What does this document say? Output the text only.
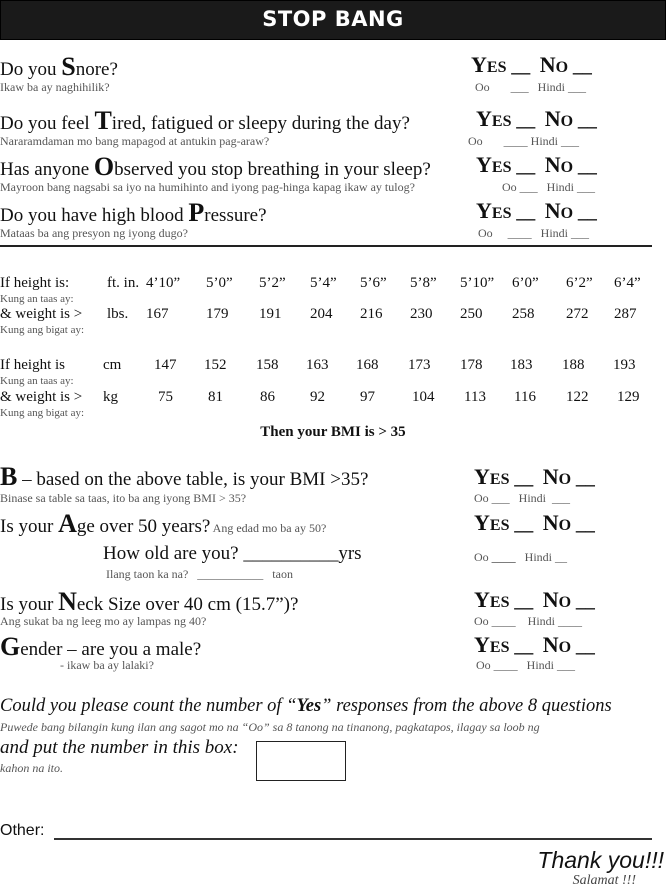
STOP BANG
Do you Snore?
Ikaw ba ay naghihilik?
YES __ NO __
Oo ___ Hindi ___
Do you feel Tired, fatigued or sleepy during the day?
Nararamdaman mo bang mapagod at antukin pag-araw?
YES __ NO __
Oo ____ Hindi ___
Has anyone Observed you stop breathing in your sleep?
Mayroon bang nagsabi sa iyo na humihinto and iyong pag-hinga kapag ikaw ay tulog?
YES __ NO __
Oo ___ Hindi ___
Do you have high blood Pressure?
Mataas ba ang presyon ng iyong dugo?
YES __ NO __
Oo ____ Hindi ___
If height is:
Kung an taas ay:
ft. in. 4’10” 5’0” 5’2” 5’4” 5’6” 5’8” 5’10” 6’0” 6’2” 6’4”
& weight is >
Kung ang bigat ay:
lbs. 167	179 191 204 216 230 250 258 272 287
If height is
Kung an taas ay:
cm 147 152 158 163 168 173 178 183 188 193
& weight is >
Kung ang bigat ay:
kg	75 81 86 92 97 104 113 116 122 129
Then your BMI is > 35
B – based on the above table, is your BMI >35?
Binase sa table sa taas, ito ba ang iyong BMI > 35?
YES __ NO __
Oo ___ Hindi ___
Is your Age over 50 years? Ang edad mo ba ay 50?	YES __ NO __
How old are you? __________yrs
Ilang taon ka na? ___________ taon
Oo ____ Hindi __
Is your Neck Size over 40 cm (15.7”)?
Ang sukat ba ng leeg mo ay lampas ng 40?
YES __ NO __
Oo ____ Hindi ____
Gender – are you a male?
- ikaw ba ay lalaki?
YES __ NO __
Oo ____ Hindi ___
Could you please count the number of “Yes” responses from the above 8 questions
Puwede bang bilangin kung ilan ang sagot mo na “Oo” sa 8 tanong na tinanong, pagkatapos, ilagay sa loob ng
and put the number in this box:
kahon na ito.
Other:
Thank you!!!
Salamat !!!
